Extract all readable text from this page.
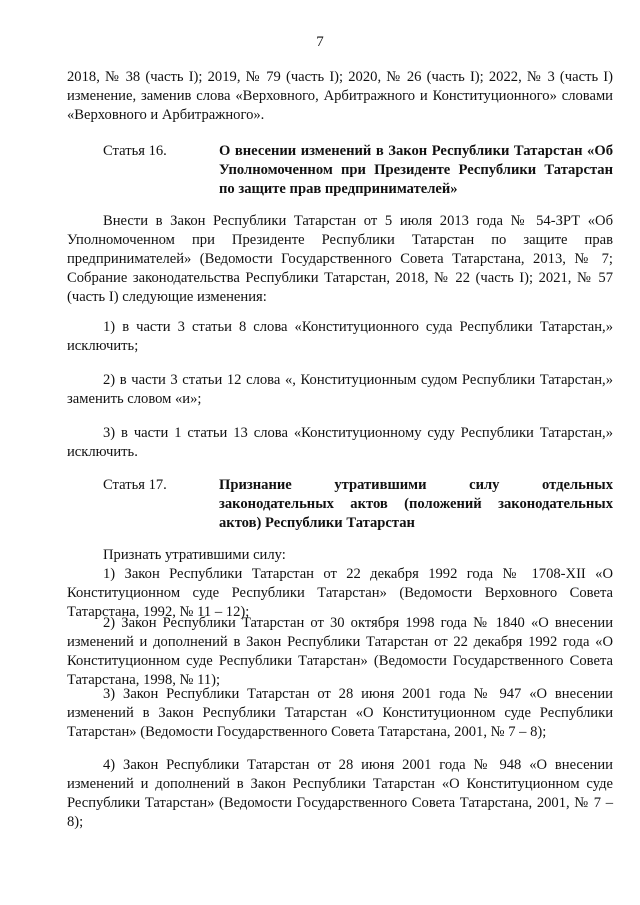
7

2018, № 38 (часть I); 2019, № 79 (часть I); 2020, № 26 (часть I); 2022, № 3 (часть I) изменение, заменив слова «Верховного, Арбитражного и Конституционного» словами «Верховного и Арбитражного».

Статья 16.	О внесении изменений в Закон Республики Татарстан «Об Уполномоченном при Президенте Республики Татарстан по защите прав предпринимателей»

Внести в Закон Республики Татарстан от 5 июля 2013 года № 54-ЗРТ «Об Уполномоченном при Президенте Республики Татарстан по защите прав предпринимателей» (Ведомости Государственного Совета Татарстана, 2013, № 7; Собрание законодательства Республики Татарстан, 2018, № 22 (часть I); 2021, № 57 (часть I) следующие изменения:

1) в части 3 статьи 8 слова «Конституционного суда Республики Татарстан,» исключить;

2) в части 3 статьи 12 слова «, Конституционным судом Республики Татарстан,» заменить словом «и»;

3) в части 1 статьи 13 слова «Конституционному суду Республики Татарстан,» исключить.

Статья 17.	Признание утратившими силу отдельных законодательных актов (положений законодательных актов) Республики Татарстан

Признать утратившими силу:

1) Закон Республики Татарстан от 22 декабря 1992 года № 1708-XII «О Конституционном суде Республики Татарстан» (Ведомости Верховного Совета Татарстана, 1992, № 11 – 12);

2) Закон Республики Татарстан от 30 октября 1998 года № 1840 «О внесении изменений и дополнений в Закон Республики Татарстан от 22 декабря 1992 года «О Конституционном суде Республики Татарстан» (Ведомости Государственного Совета Татарстана, 1998, № 11);

3) Закон Республики Татарстан от 28 июня 2001 года № 947 «О внесении изменений в Закон Республики Татарстан «О Конституционном суде Республики Татарстан» (Ведомости Государственного Совета Татарстана, 2001, № 7 – 8);

4) Закон Республики Татарстан от 28 июня 2001 года № 948 «О внесении изменений и дополнений в Закон Республики Татарстан «О Конституционном суде Республики Татарстан» (Ведомости Государственного Совета Татарстана, 2001, № 7 – 8);
